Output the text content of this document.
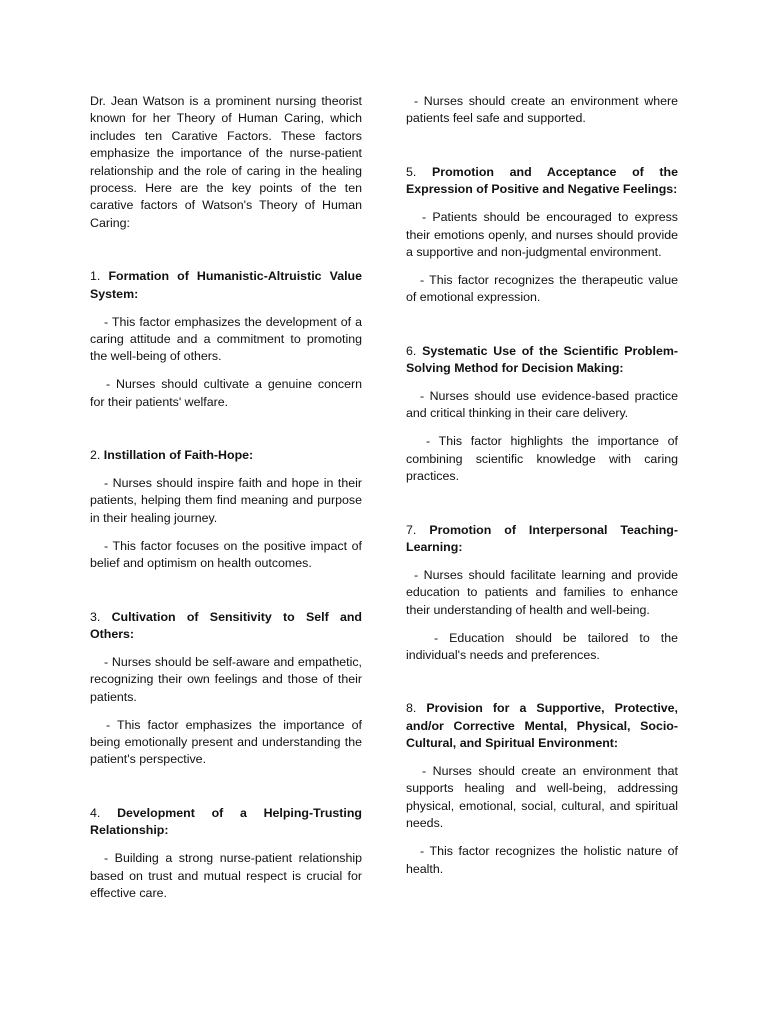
Dr. Jean Watson is a prominent nursing theorist known for her Theory of Human Caring, which includes ten Carative Factors. These factors emphasize the importance of the nurse-patient relationship and the role of caring in the healing process. Here are the key points of the ten carative factors of Watson's Theory of Human Caring:

1. Formation of Humanistic-Altruistic Value System:

- This factor emphasizes the development of a caring attitude and a commitment to promoting the well-being of others.

- Nurses should cultivate a genuine concern for their patients' welfare.

2. Instillation of Faith-Hope:

- Nurses should inspire faith and hope in their patients, helping them find meaning and purpose in their healing journey.

- This factor focuses on the positive impact of belief and optimism on health outcomes.

3. Cultivation of Sensitivity to Self and Others:

- Nurses should be self-aware and empathetic, recognizing their own feelings and those of their patients.

- This factor emphasizes the importance of being emotionally present and understanding the patient's perspective.

4. Development of a Helping-Trusting Relationship:

- Building a strong nurse-patient relationship based on trust and mutual respect is crucial for effective care.

- Nurses should create an environment where patients feel safe and supported.

5. Promotion and Acceptance of the Expression of Positive and Negative Feelings:

- Patients should be encouraged to express their emotions openly, and nurses should provide a supportive and non-judgmental environment.

- This factor recognizes the therapeutic value of emotional expression.

6. Systematic Use of the Scientific Problem-Solving Method for Decision Making:

- Nurses should use evidence-based practice and critical thinking in their care delivery.

- This factor highlights the importance of combining scientific knowledge with caring practices.

7. Promotion of Interpersonal Teaching-Learning:

- Nurses should facilitate learning and provide education to patients and families to enhance their understanding of health and well-being.

- Education should be tailored to the individual's needs and preferences.

8. Provision for a Supportive, Protective, and/or Corrective Mental, Physical, Socio-Cultural, and Spiritual Environment:

- Nurses should create an environment that supports healing and well-being, addressing physical, emotional, social, cultural, and spiritual needs.

- This factor recognizes the holistic nature of health.
